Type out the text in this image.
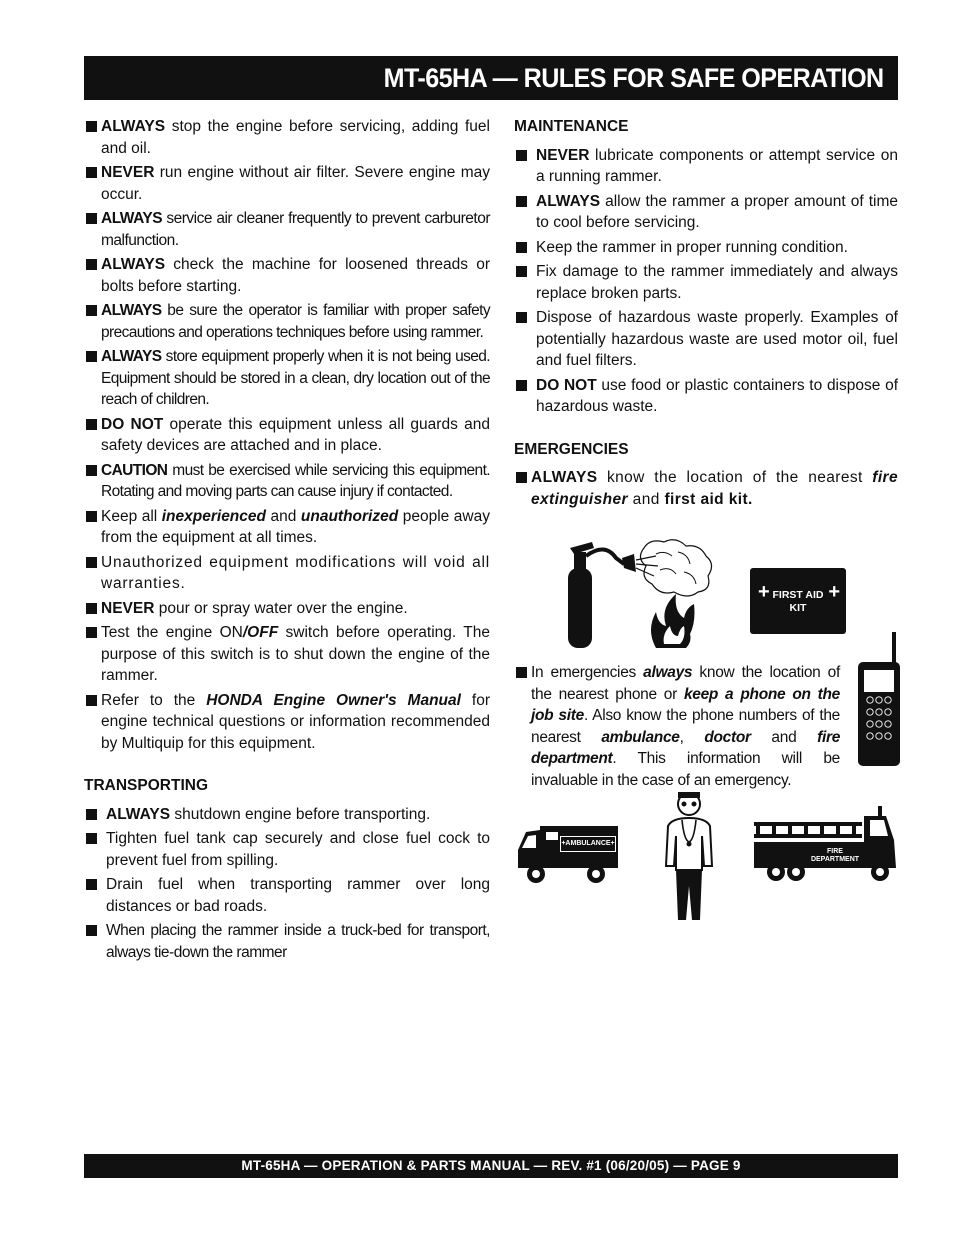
MT-65HA — RULES FOR SAFE OPERATION
ALWAYS stop the engine before servicing, adding fuel and oil.
NEVER run engine without air filter. Severe engine may occur.
ALWAYS service air cleaner frequently to prevent carburetor malfunction.
ALWAYS check the machine for loosened threads or bolts before starting.
ALWAYS be sure the operator is familiar with proper safety precautions and operations techniques before using rammer.
ALWAYS store equipment properly when it is not being used. Equipment should be stored in a clean, dry location out of the reach of children.
DO NOT operate this equipment unless all guards and safety devices are attached and in place.
CAUTION must be exercised while servicing this equipment. Rotating and moving parts can cause injury if contacted.
Keep all inexperienced and unauthorized people away from the equipment at all times.
Unauthorized equipment modifications will void all warranties.
NEVER pour or spray water over the engine.
Test the engine ON/OFF switch before operating. The purpose of this switch is to shut down the engine of the rammer.
Refer to the HONDA Engine Owner's Manual for engine technical questions or information recommended by Multiquip for this equipment.
TRANSPORTING
ALWAYS shutdown engine before transporting.
Tighten fuel tank cap securely and close fuel cock to prevent fuel from spilling.
Drain fuel when transporting rammer over long distances or bad roads.
When placing the rammer inside a truck-bed for transport, always tie-down the rammer
MAINTENANCE
NEVER lubricate components or attempt service on a running rammer.
ALWAYS allow the rammer a proper amount of time to cool before servicing.
Keep the rammer in proper running condition.
Fix damage to the rammer immediately and always replace broken parts.
Dispose of hazardous waste properly. Examples of potentially hazardous waste are used motor oil, fuel and fuel filters.
DO NOT use food or plastic containers to dispose of hazardous waste.
EMERGENCIES
ALWAYS know the location of the nearest fire extinguisher and first aid kit.
In emergencies always know the location of the nearest phone or keep a phone on the job site. Also know the phone numbers of the nearest ambulance, doctor and fire department. This information will be invaluable in the case of an emergency.
+	+
FIRST AID
KIT
+AMBULANCE+
FIRE
DEPARTMENT
MT-65HA — OPERATION & PARTS MANUAL — REV. #1 (06/20/05) — PAGE 9
